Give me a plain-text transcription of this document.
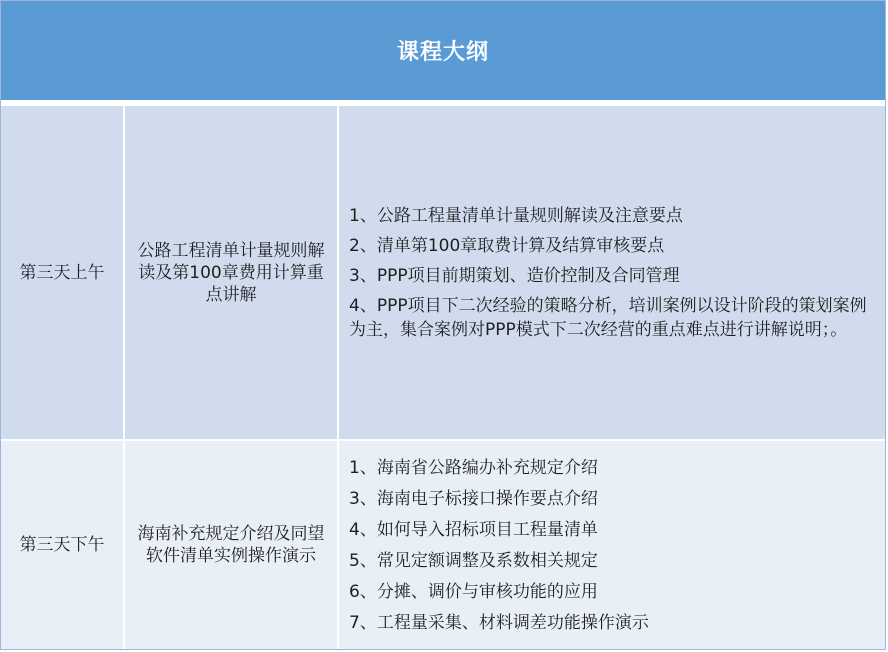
课程大纲
第三天上午
公路工程清单计量规则解读及第100章费用计算重点讲解
1、公路工程量清单计量规则解读及注意要点
2、清单第100章取费计算及结算审核要点
3、PPP项目前期策划、造价控制及合同管理
4、PPP项目下二次经验的策略分析，培训案例以设计阶段的策划案例为主，集合案例对PPP模式下二次经营的重点难点进行讲解说明；。
第三天下午
海南补充规定介绍及同望软件清单实例操作演示
1、海南省公路编办补充规定介绍
3、海南电子标接口操作要点介绍
4、如何导入招标项目工程量清单
5、常见定额调整及系数相关规定
6、分摊、调价与审核功能的应用
7、工程量采集、材料调差功能操作演示
